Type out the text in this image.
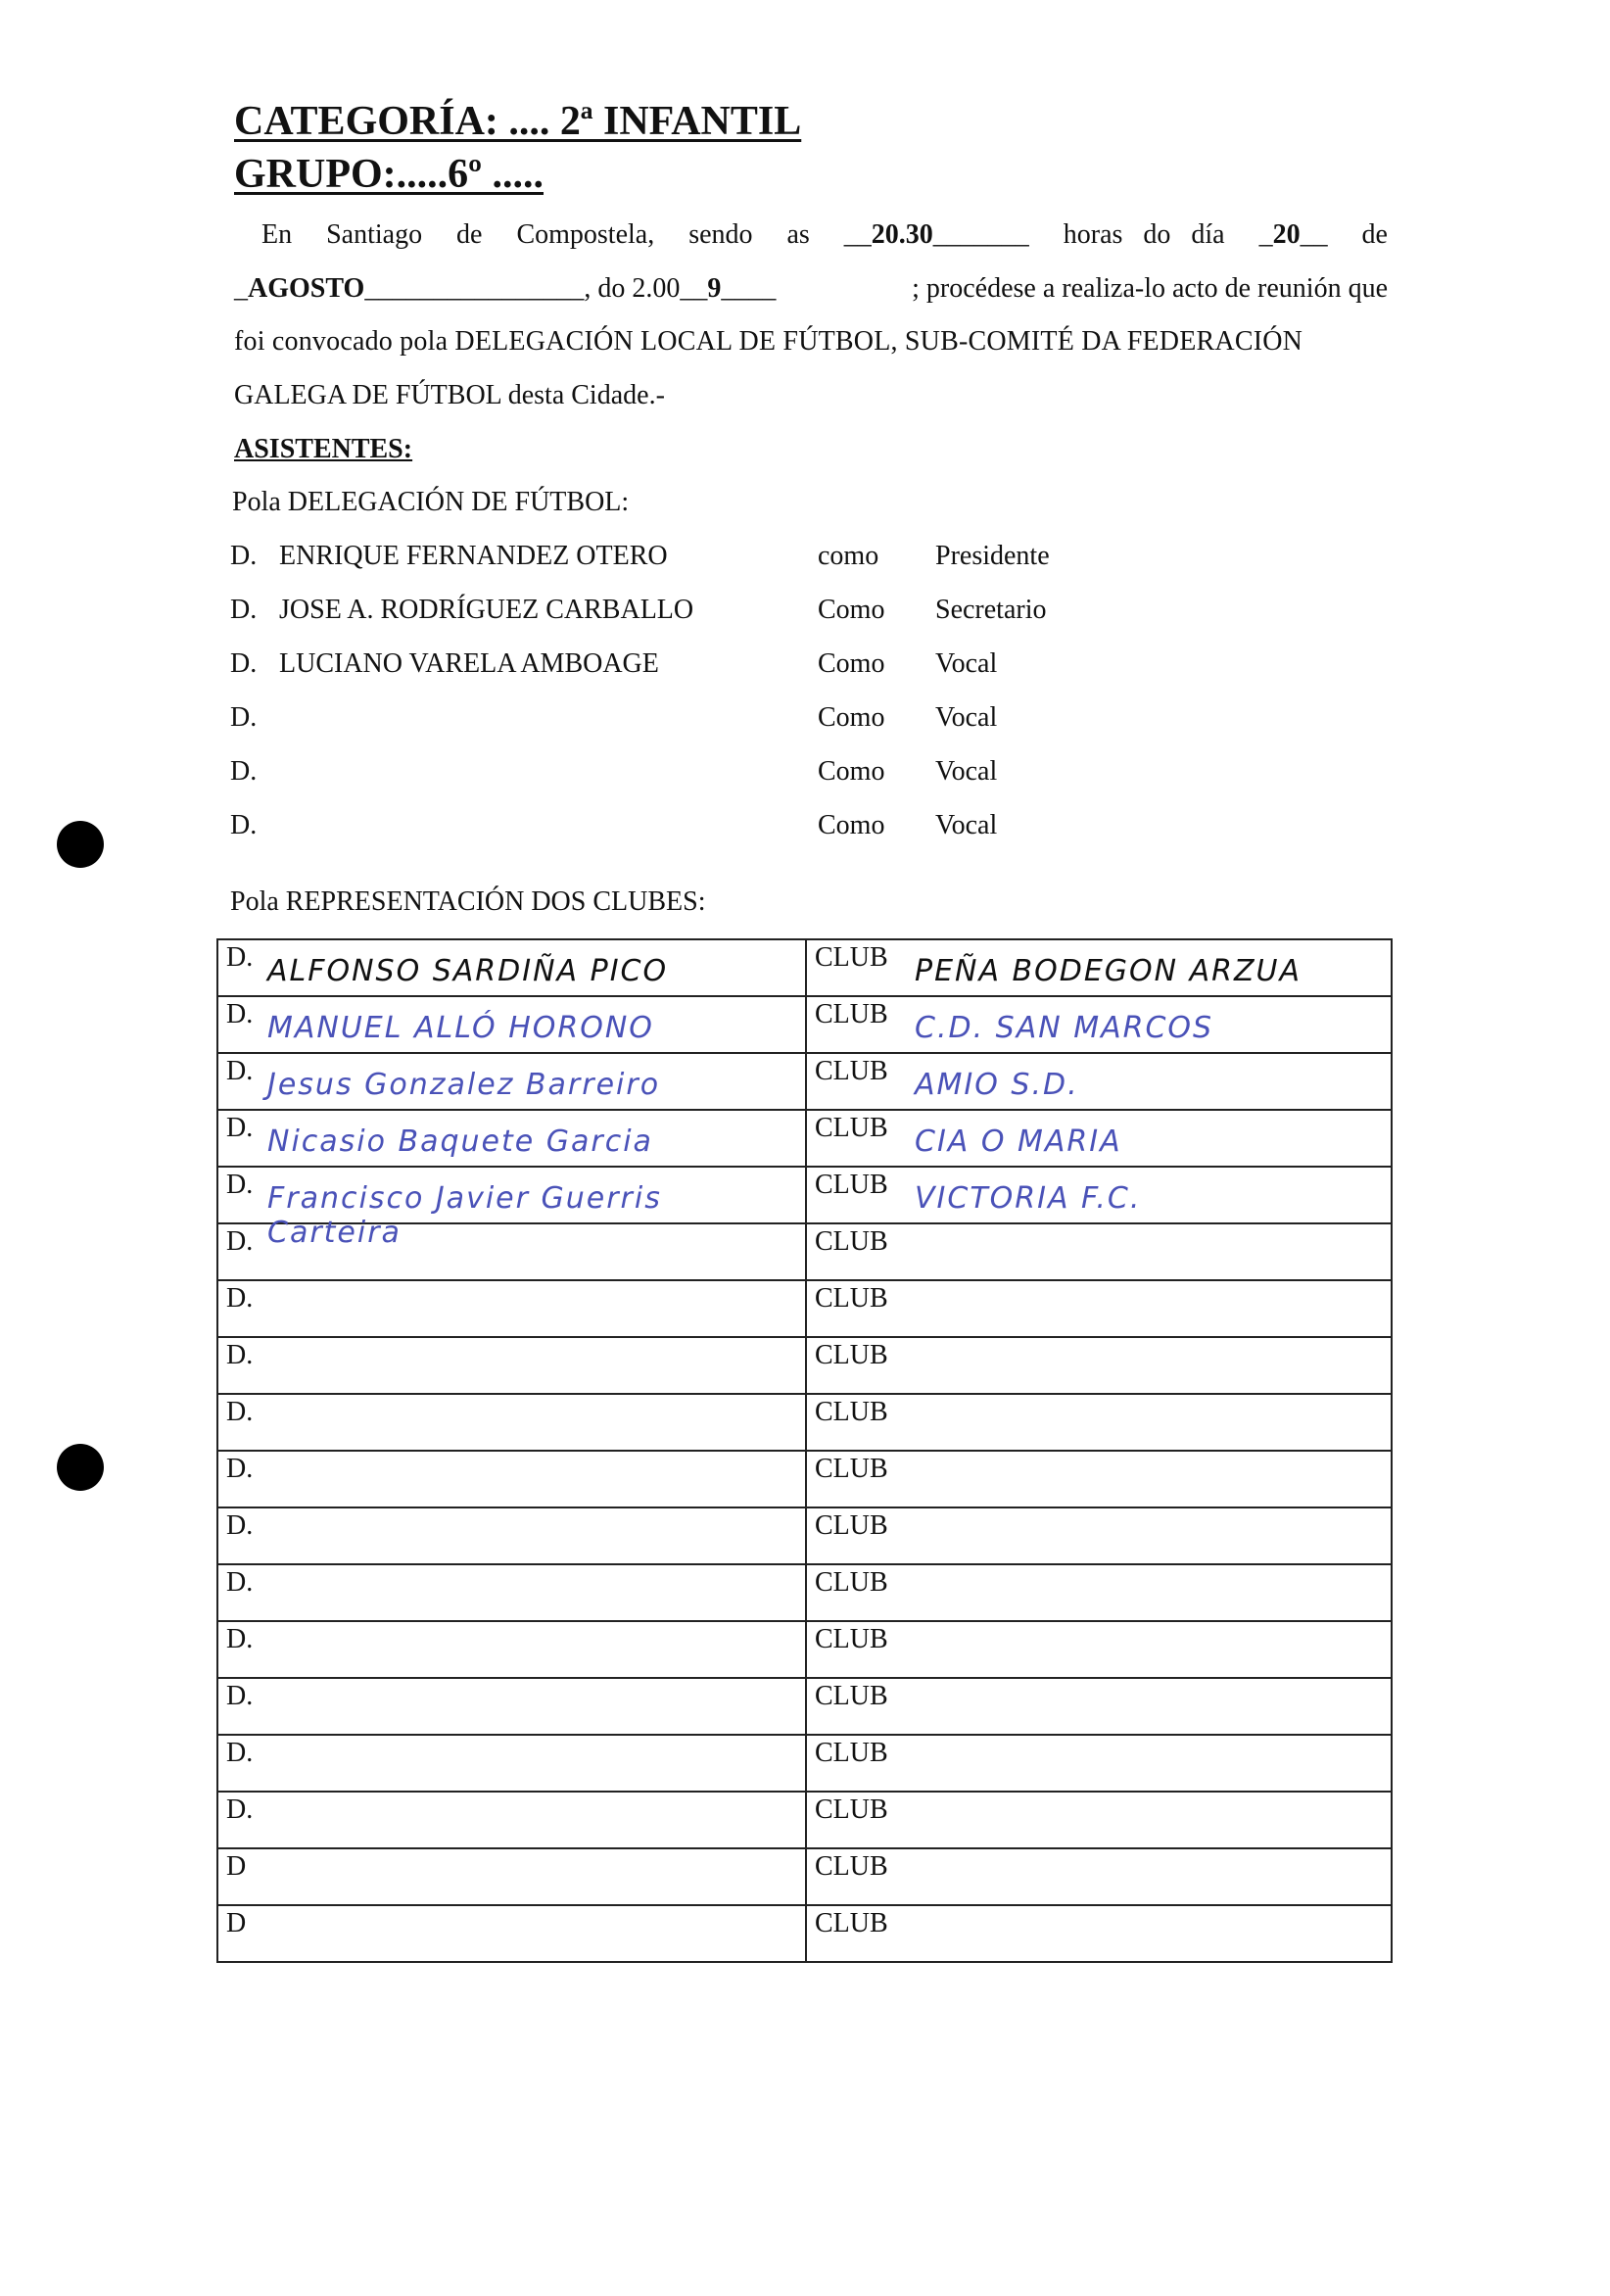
CATEGORÍA: .... 2ª INFANTIL
GRUPO:.....6º .....
En Santiago de Compostela, sendo as __20.30_______ horas do día _20__ de
_AGOSTO________________, do 2.00__9____	; procédese a realiza-lo acto de reunión que
foi convocado pola DELEGACIÓN LOCAL DE FÚTBOL, SUB-COMITÉ DA FEDERACIÓN
GALEGA DE FÚTBOL desta Cidade.-
ASISTENTES:
Pola DELEGACIÓN DE FÚTBOL:
D. ENRIQUE FERNANDEZ OTERO	como Presidente
D. JOSE A. RODRÍGUEZ CARBALLO	Como Secretario
D. LUCIANO VARELA AMBOAGE	Como Vocal
D.	Como Vocal
D.	Como Vocal
D.	Como Vocal
Pola REPRESENTACIÓN DOS CLUBES:
D. ALFONSO SARDIÑA PICO	CLUB PEÑA BODEGON ARZUA

D. MANUEL ALLÓ HORONO	CLUB C.D. SAN MARCOS

D. Jesus Gonzalez Barreiro	CLUB AMIO S.D.

D. Nicasio Baquete Garcia	CLUB CIA O MARIA

D. Francisco Javier Guerris Carteira	CLUB VICTORIA F.C.

D.	CLUB

D.	CLUB

D.	CLUB

D.	CLUB

D.	CLUB

D.	CLUB

D.	CLUB

D.	CLUB

D.	CLUB

D.	CLUB

D.	CLUB

D	CLUB

D	CLUB
